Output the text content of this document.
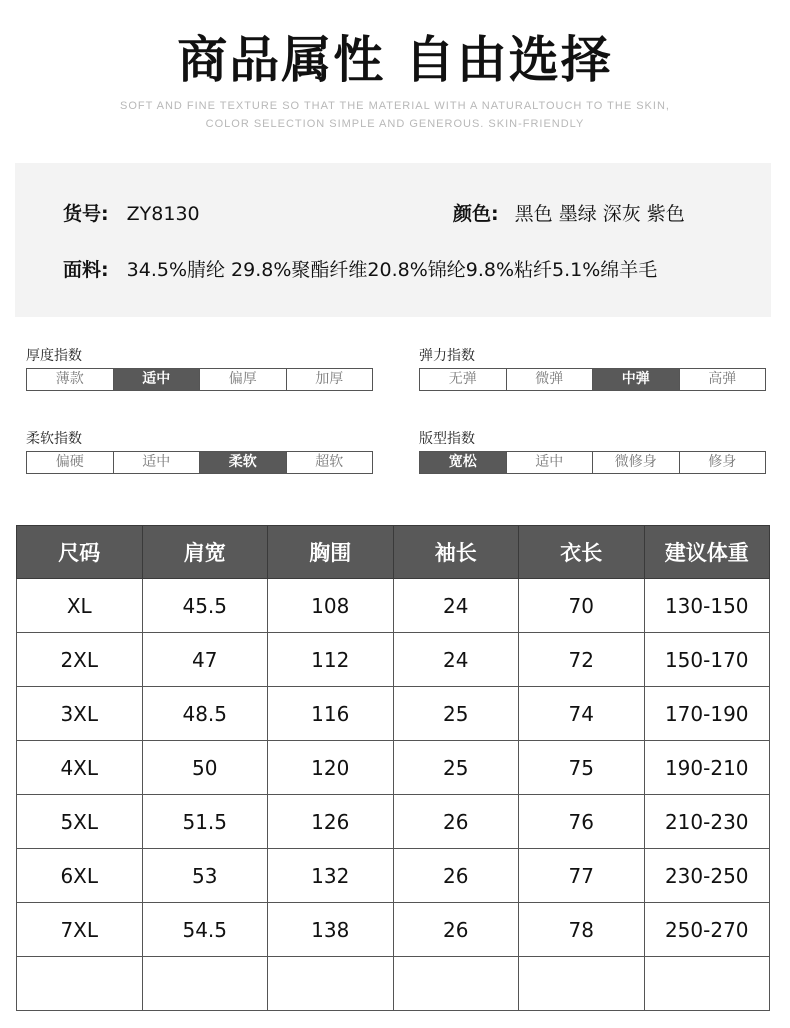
商品属性 自由选择
SOFT AND FINE TEXTURE SO THAT THE MATERIAL WITH A NATURALTOUCH TO THE SKIN,
COLOR SELECTION SIMPLE AND GENEROUS. SKIN-FRIENDLY
货号: ZY8130	颜色: 黑色 墨绿 深灰 紫色
面料: 34.5%腈纶 29.8%聚酯纤维20.8%锦纶9.8%粘纤5.1%绵羊毛
厚度指数
薄款	适中	偏厚	加厚
弹力指数
无弹	微弹	中弹	高弹
柔软指数
偏硬	适中	柔软	超软
版型指数
宽松	适中	微修身	修身
尺码	肩宽	胸围	袖长	衣长	建议体重
XL	45.5	108	24	70	130-150
2XL	47	112	24	72	150-170
3XL	48.5	116	25	74	170-190
4XL	50	120	25	75	190-210
5XL	51.5	126	26	76	210-230
6XL	53	132	26	77	230-250
7XL	54.5	138	26	78	250-270
